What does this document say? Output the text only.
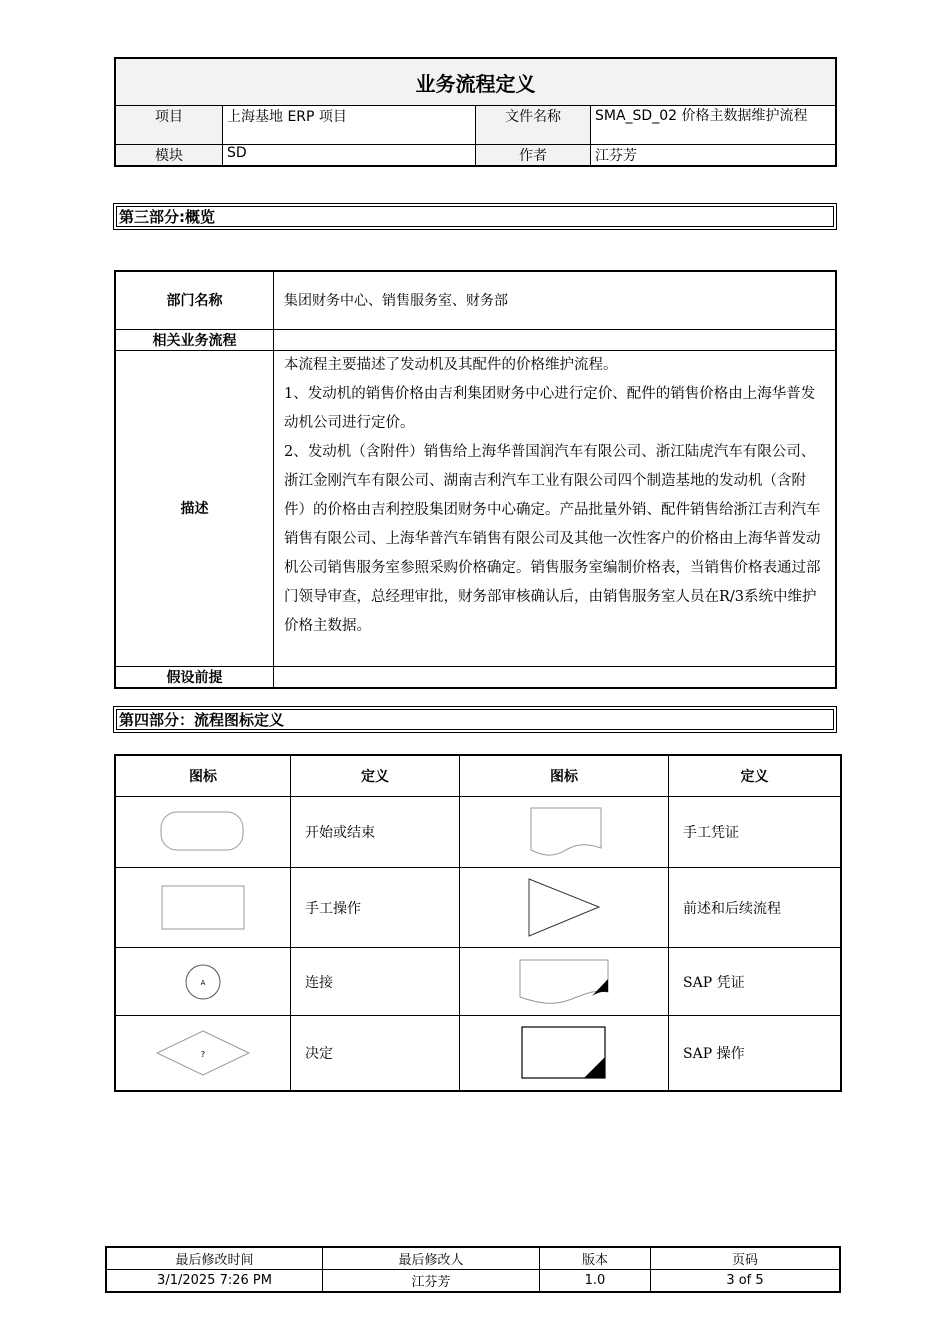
业务流程定义
项目	上海基地 ERP 项目	文件名称	SMA_SD_02 价格主数据维护流程
模块	SD	作者	江芬芳
第三部分:概览
部门名称	集团财务中心、销售服务室、财务部
相关业务流程	
描述	本流程主要描述了发动机及其配件的价格维护流程。

1、发动机的销售价格由吉利集团财务中心进行定价、配件的销售价格由上海华普发动机公司进行定价。

2、发动机（含附件）销售给上海华普国润汽车有限公司、浙江陆虎汽车有限公司、浙江金刚汽车有限公司、湖南吉利汽车工业有限公司四个制造基地的发动机（含附件）的价格由吉利控股集团财务中心确定。产品批量外销、配件销售给浙江吉利汽车销售有限公司、上海华普汽车销售有限公司及其他一次性客户的价格由上海华普发动机公司销售服务室参照采购价格确定。销售服务室编制价格表，当销售价格表通过部门领导审查，总经理审批，财务部审核确认后，由销售服务室人员在R/3系统中维护价格主数据。

假设前提	
第四部分：流程图标定义
图标	定义	图标	定义

	开始或结束		手工凭证

	手工操作		前述和后续流程

A	连接		SAP 凭证

?	决定		SAP 操作
最后修改时间	最后修改人	版本	页码
3/1/2025 7:26 PM	江芬芳	1.0	3 of 5
